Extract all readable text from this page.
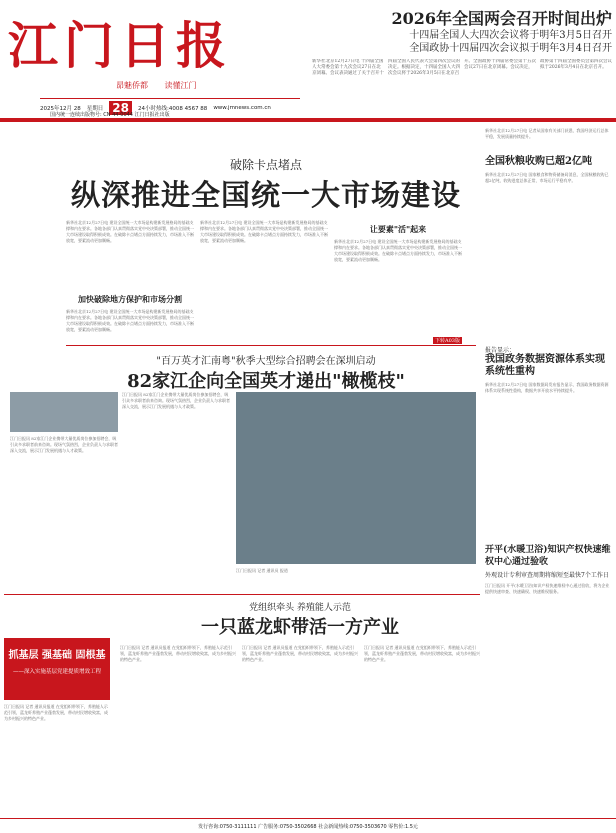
江门日报
昴魅侨都 读懂江门
2025年12月 28 星期日 28	24小时热线:4008 4567 88 www.jmnews.com.cn
国内统一连续出版物号: CN 44-0044 江门日报社出版
2026年全国两会召开时间出炉
十四届全国人大四次会议将于明年3月5日召开
全国政协十四届四次会议拟于明年3月4日召开
新华社北京12月27日电 十四届全国人大常委会第十九次会议27日在北京闭幕。会议表决通过了关于召开十四届全国人民代表大会第四次会议的决定。根据决定，十四届全国人大四次会议将于2026年3月5日在北京召开。全国政协十四届常委会第十五次会议27日在北京闭幕。会议决定，政协第十四届全国委员会第四次会议拟于2026年3月4日在北京召开。
破除卡点堵点
纵深推进全国统一大市场建设
新华社北京12月27日电 建设全国统一大市场是构建新发展格局的基础支撑和内在要求。各地各部门认真贯彻落实党中央决策部署，推动全国统一大市场建设取得积极成效。在破除卡点堵点方面持续发力，市场准入不断放宽，要素流动更加顺畅。
加快破除地方保护和市场分割
新华社北京12月27日电 建设全国统一大市场是构建新发展格局的基础支撑和内在要求。各地各部门认真贯彻落实党中央决策部署，推动全国统一大市场建设取得积极成效。在破除卡点堵点方面持续发力，市场准入不断放宽，要素流动更加顺畅。
新华社北京12月27日电 建设全国统一大市场是构建新发展格局的基础支撑和内在要求。各地各部门认真贯彻落实党中央决策部署，推动全国统一大市场建设取得积极成效。在破除卡点堵点方面持续发力，市场准入不断放宽，要素流动更加顺畅。
让要素"活"起来
新华社北京12月27日电 建设全国统一大市场是构建新发展格局的基础支撑和内在要求。各地各部门认真贯彻落实党中央决策部署，推动全国统一大市场建设取得积极成效。在破除卡点堵点方面持续发力，市场准入不断放宽，要素流动更加顺畅。
下转A03版
"百万英才汇南粤"秋季大型综合招聘会在深圳启动
82家江企向全国英才递出"橄榄枝"
江门日报讯 82家江门企业携带大量优质岗位参加招聘会，吸引众多求职者前来咨询。现场气氛热烈，企业负责人与求职者深入交流，展示江门发展机遇与人才政策。
江门日报讯 记者 通讯员 报道
江门日报讯 82家江门企业携带大量优质岗位参加招聘会，吸引众多求职者前来咨询。现场气氛热烈，企业负责人与求职者深入交流，展示江门发展机遇与人才政策。
抓基层 强基础 固根基
——深入实施基层党建提质增效工程
江门日报讯 记者 通讯员报道 在党组织带领下，养殖能人示范引领，蓝龙虾养殖产业蓬勃发展，带动村民增收致富，成为乡村振兴的特色产业。
党组织牵头 养殖能人示范
一只蓝龙虾带活一方产业
江门日报讯 记者 通讯员报道 在党组织带领下，养殖能人示范引领，蓝龙虾养殖产业蓬勃发展，带动村民增收致富，成为乡村振兴的特色产业。
江门日报讯 记者 通讯员报道 在党组织带领下，养殖能人示范引领，蓝龙虾养殖产业蓬勃发展，带动村民增收致富，成为乡村振兴的特色产业。
江门日报讯 记者 通讯员报道 在党组织带领下，养殖能人示范引领，蓝龙虾养殖产业蓬勃发展，带动村民增收致富，成为乡村振兴的特色产业。
新华社北京12月27日电 记者从国家有关部门获悉，我国经济运行总体平稳，发展质量持续提升。
全国秋粮收购已超2亿吨
新华社北京12月27日电 国家粮食和物资储备局消息，全国秋粮收购已超2亿吨，收购进度总体正常，市场运行平稳有序。
报告显示：
我国政务数据资源体系实现系统性重构
新华社北京12月27日电 国家数据局发布报告显示，我国政务数据资源体系实现系统性重构，数据共享开放水平持续提升。
开平(水暖卫浴)知识产权快速维权中心通过验收
外观设计专利审查周期将缩短至最快7个工作日
江门日报讯 开平(水暖卫浴)知识产权快速维权中心通过验收，将为企业提供快速审查、快速确权、快速维权服务。
发行咨询:0750-3111111 广告服务:0750-3502668 社会新闻热线:0750-3503670 零售价:1.5元
